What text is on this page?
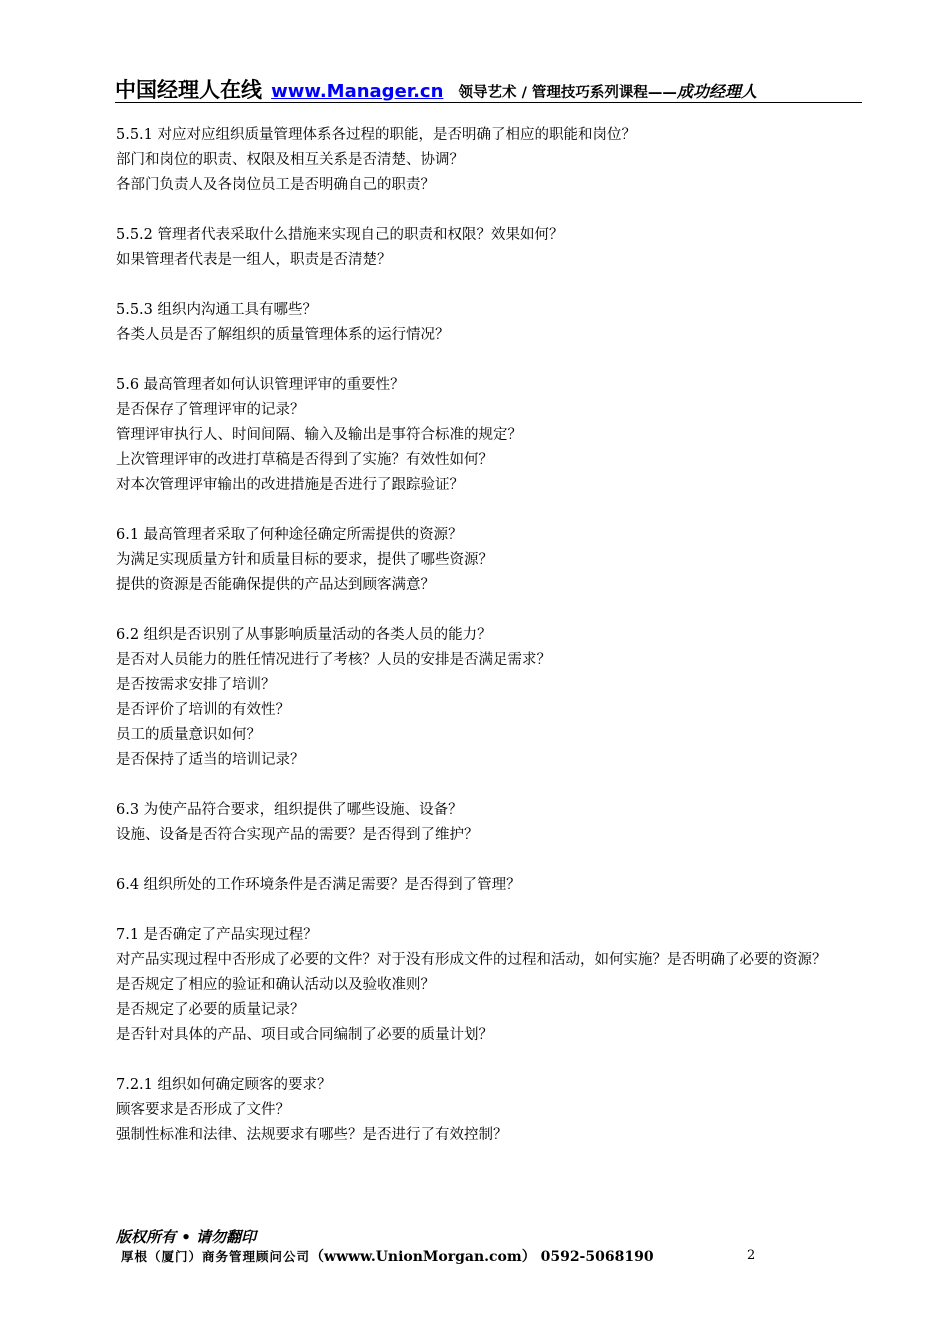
中国经理人在线 www.Manager.cn 领导艺术 / 管理技巧系列课程——成功经理人
5.5.1 对应对应组织质量管理体系各过程的职能，是否明确了相应的职能和岗位？
部门和岗位的职责、权限及相互关系是否清楚、协调？
各部门负责人及各岗位员工是否明确自己的职责？
5.5.2 管理者代表采取什么措施来实现自己的职责和权限？效果如何？
如果管理者代表是一组人，职责是否清楚？
5.5.3 组织内沟通工具有哪些？
各类人员是否了解组织的质量管理体系的运行情况？
5.6 最高管理者如何认识管理评审的重要性？
是否保存了管理评审的记录？
管理评审执行人、时间间隔、输入及输出是事符合标准的规定？
上次管理评审的改进打草稿是否得到了实施？有效性如何？
对本次管理评审输出的改进措施是否进行了跟踪验证？
6.1 最高管理者采取了何种途径确定所需提供的资源？
为满足实现质量方针和质量目标的要求，提供了哪些资源？
提供的资源是否能确保提供的产品达到顾客满意？
6.2 组织是否识别了从事影响质量活动的各类人员的能力？
是否对人员能力的胜任情况进行了考核？人员的安排是否满足需求？
是否按需求安排了培训？
是否评价了培训的有效性？
员工的质量意识如何？
是否保持了适当的培训记录？
6.3 为使产品符合要求，组织提供了哪些设施、设备？
设施、设备是否符合实现产品的需要？是否得到了维护？
6.4 组织所处的工作环境条件是否满足需要？是否得到了管理？
7.1 是否确定了产品实现过程？
对产品实现过程中否形成了必要的文件？对于没有形成文件的过程和活动，如何实施？是否明确了必要的资源？
是否规定了相应的验证和确认活动以及验收准则？
是否规定了必要的质量记录？
是否针对具体的产品、项目或合同编制了必要的质量计划？
7.2.1 组织如何确定顾客的要求？
顾客要求是否形成了文件？
强制性标准和法律、法规要求有哪些？是否进行了有效控制？
版权所有 • 请勿翻印
厚根（厦门）商务管理顾问公司（wwww.UnionMorgan.com） 0592-5068190	2
